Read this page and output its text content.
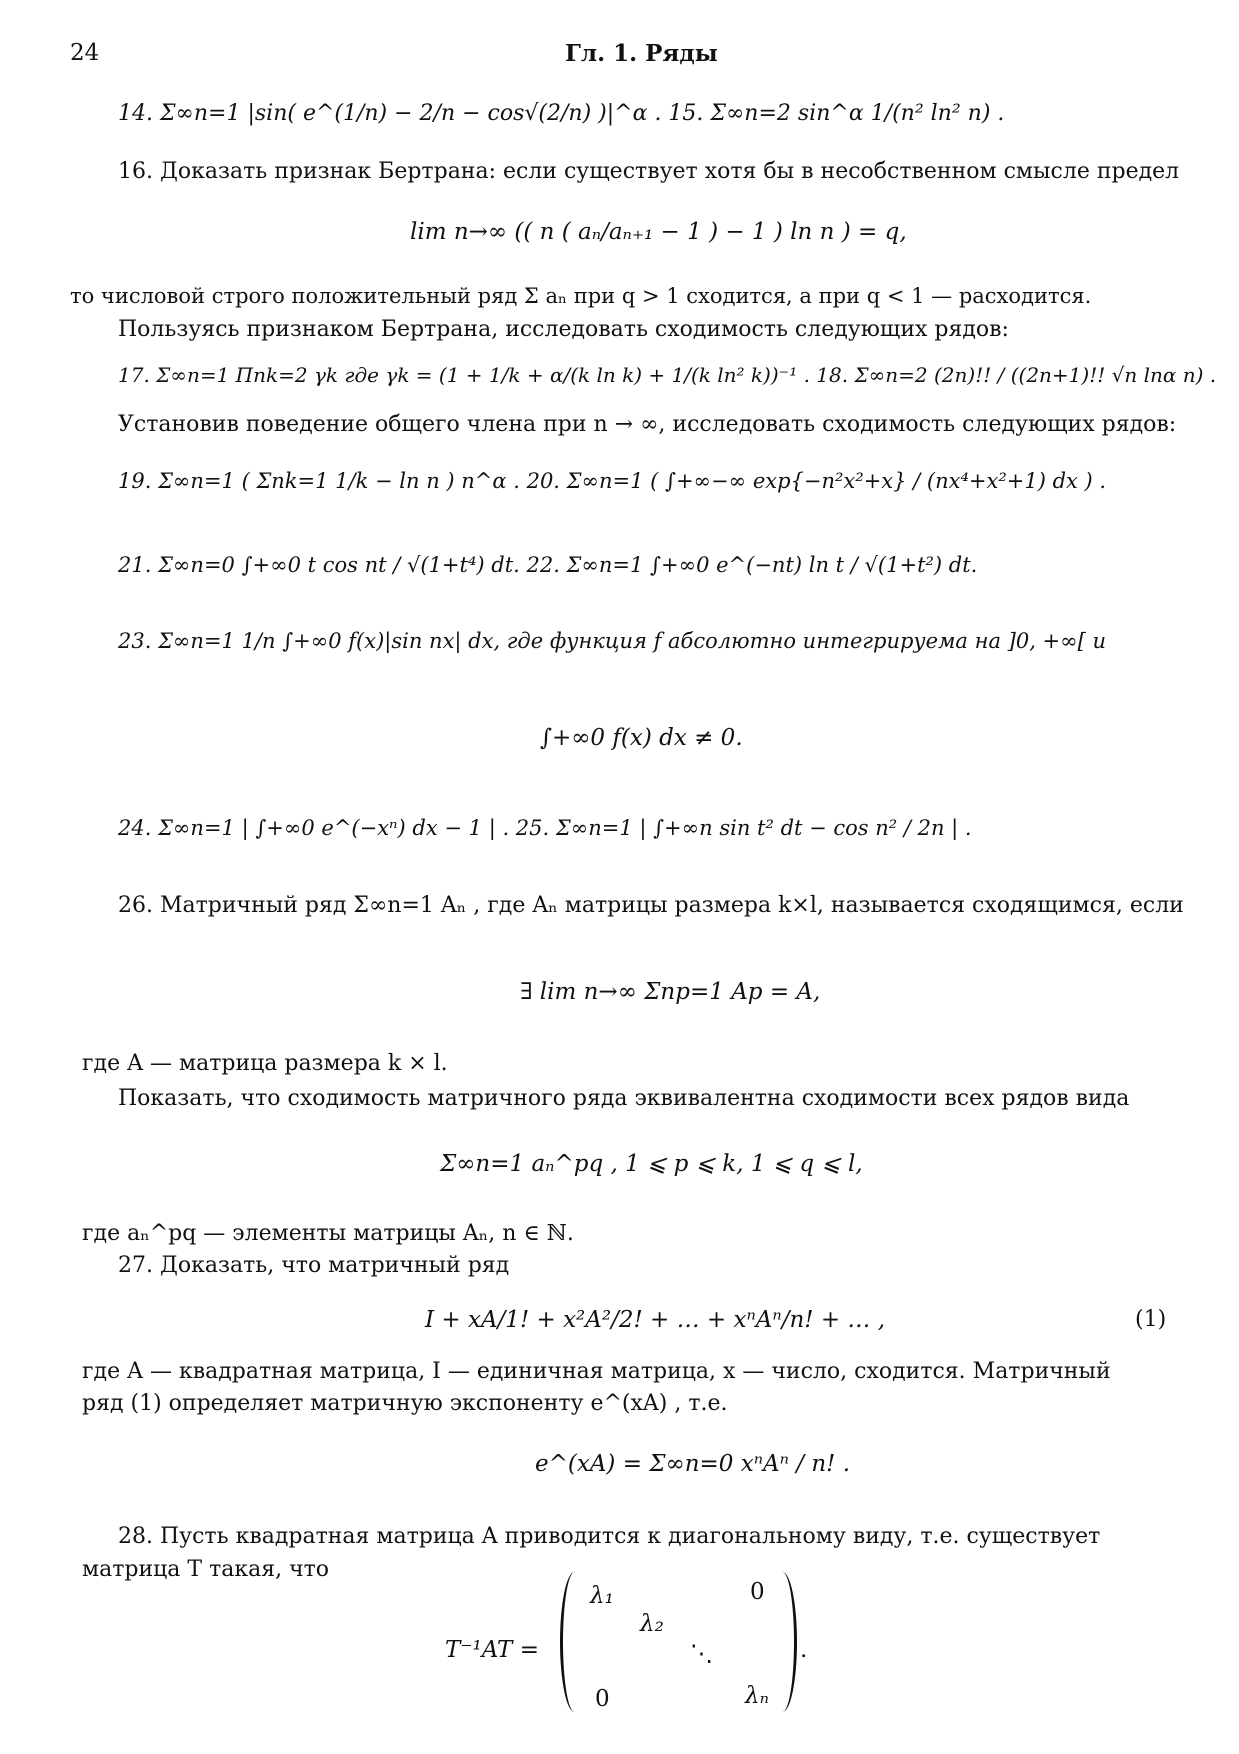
24	Гл. 1. Ряды
14. Σ∞n=1 |sin( e^(1/n) − 2/n − cos√(2/n) )|^α . 15. Σ∞n=2 sin^α 1/(n² ln² n) .
16. Доказать признак Бертрана: если существует хотя бы в несобственном смысле предел
lim n→∞ (( n ( aₙ/aₙ₊₁ − 1 ) − 1 ) ln n ) = q,
то числовой строго положительный ряд Σ aₙ при q > 1 сходится, а при q < 1 — расходится.
Пользуясь признаком Бертрана, исследовать сходимость следующих рядов:
17. Σ∞n=1 Πnk=2 γk где γk = (1 + 1/k + α/(k ln k) + 1/(k ln² k))⁻¹ . 18. Σ∞n=2 (2n)!! / ((2n+1)!! √n lnα n) .
Установив поведение общего члена при n → ∞, исследовать сходимость следующих рядов:
19. Σ∞n=1 ( Σnk=1 1/k − ln n ) n^α . 20. Σ∞n=1 ( ∫+∞−∞ exp{−n²x²+x} / (nx⁴+x²+1) dx ) .
21. Σ∞n=0 ∫+∞0 t cos nt / √(1+t⁴) dt. 22. Σ∞n=1 ∫+∞0 e^(−nt) ln t / √(1+t²) dt.
23. Σ∞n=1 1/n ∫+∞0 f(x)|sin nx| dx, где функция f абсолютно интегрируема на ]0, +∞[ и
∫+∞0 f(x) dx ≠ 0.
24. Σ∞n=1 | ∫+∞0 e^(−xⁿ) dx − 1 | . 25. Σ∞n=1 | ∫+∞n sin t² dt − cos n² / 2n | .
26. Матричный ряд Σ∞n=1 Aₙ , где Aₙ матрицы размера k×l, называется сходящимся, если
∃ lim n→∞ Σnp=1 Ap = A,
где A — матрица размера k × l.
Показать, что сходимость матричного ряда эквивалентна сходимости всех рядов вида
Σ∞n=1 aₙ^pq , 1 ⩽ p ⩽ k, 1 ⩽ q ⩽ l,
где aₙ^pq — элементы матрицы Aₙ, n ∈ ℕ.
27. Доказать, что матричный ряд
I + xA/1! + x²A²/2! + … + xⁿAⁿ/n! + … ,	(1)
где A — квадратная матрица, I — единичная матрица, x — число, сходится. Матричный
ряд (1) определяет матричную экспоненту e^(xA) , т.е.
e^(xA) = Σ∞n=0 xⁿAⁿ / n! .
28. Пусть квадратная матрица A приводится к диагональному виду, т.е. существует
матрица T такая, что
T⁻¹AT =
λ₁	0
λ₂
⋱
0	λₙ
.
